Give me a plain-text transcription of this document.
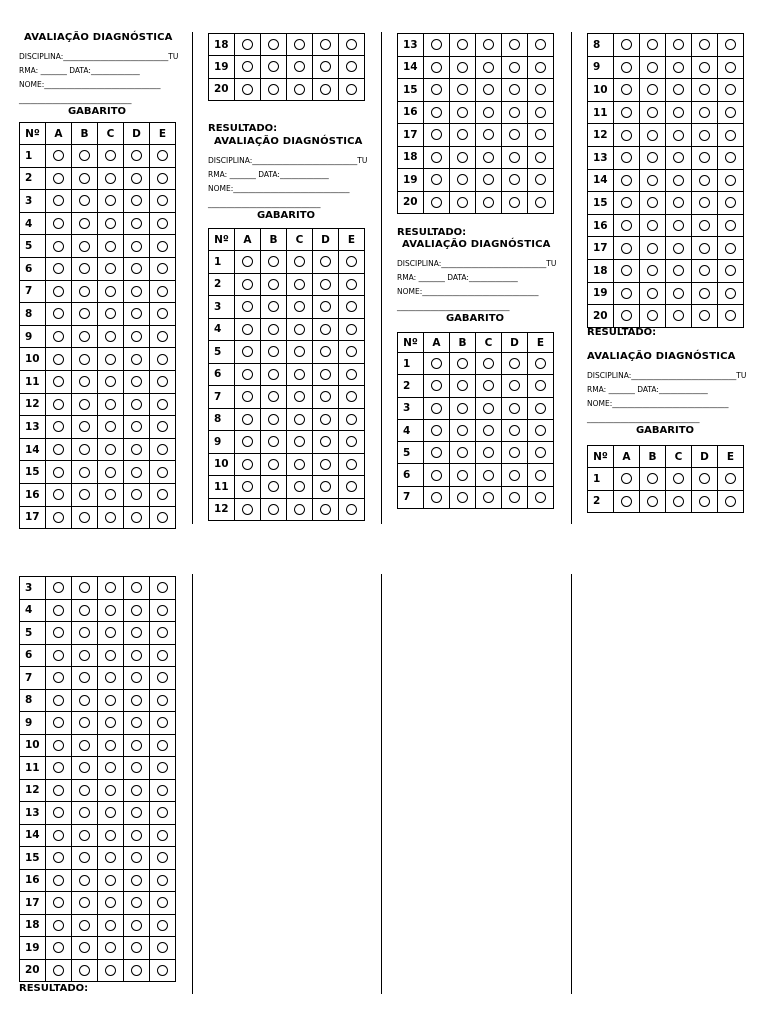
AVALIAÇÃO DIAGNÓSTICA
DISCIPLINA:____________________________TU
RMA: _______ DATA:_____________
NOME:_______________________________
______________________________
GABARITO
Nº	A	B	C	D	E
1					
2					
3					
4					
5					
6					
7					
8					
9					
10					
11					
12					
13					
14					
15					
16					
17					
18					
19					
20					
RESULTADO:
AVALIAÇÃO DIAGNÓSTICA
DISCIPLINA:____________________________TU
RMA: _______ DATA:_____________
NOME:_______________________________
______________________________
GABARITO
Nº	A	B	C	D	E
1					
2					
3					
4					
5					
6					
7					
8					
9					
10					
11					
12					
13					
14					
15					
16					
17					
18					
19					
20					
RESULTADO:
AVALIAÇÃO DIAGNÓSTICA
DISCIPLINA:____________________________TU
RMA: _______ DATA:_____________
NOME:_______________________________
______________________________
GABARITO
Nº	A	B	C	D	E
1					
2					
3					
4					
5					
6					
7					
8					
9					
10					
11					
12					
13					
14					
15					
16					
17					
18					
19					
20					
RESULTADO:
AVALIAÇÃO DIAGNÓSTICA
DISCIPLINA:____________________________TU
RMA: _______ DATA:_____________
NOME:_______________________________
______________________________
GABARITO
Nº	A	B	C	D	E
1					
2					
3					
4					
5					
6					
7					
8					
9					
10					
11					
12					
13					
14					
15					
16					
17					
18					
19					
20					
RESULTADO:
